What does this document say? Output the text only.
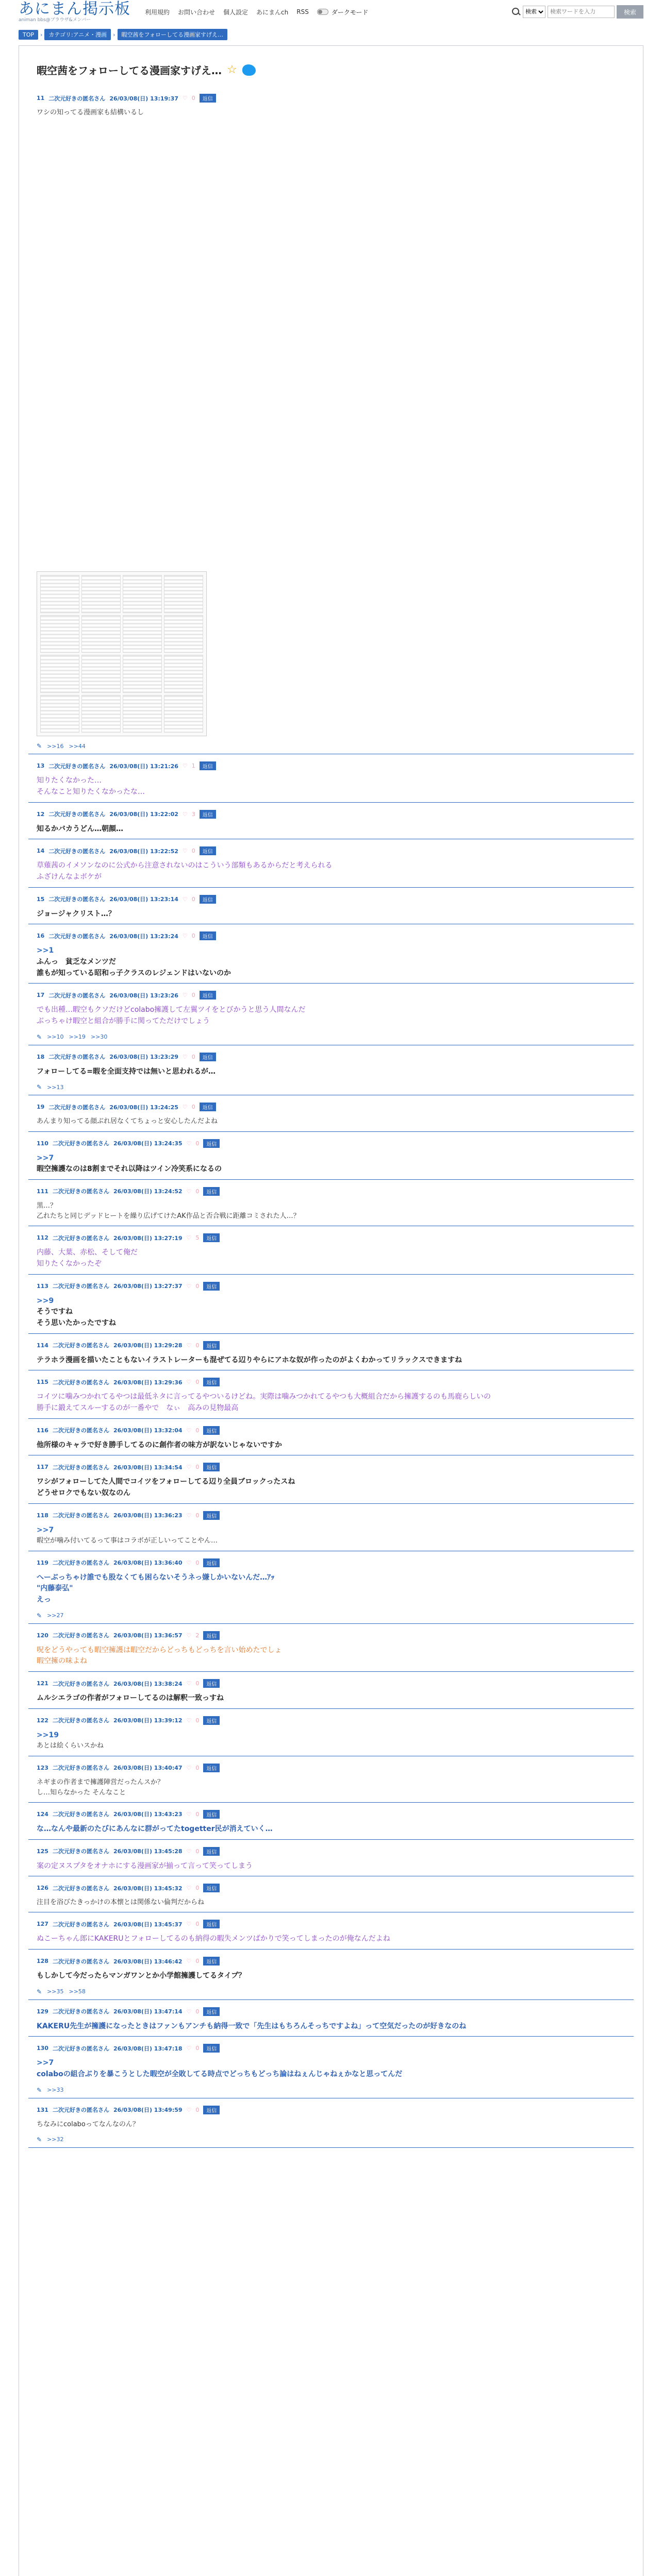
あにまん掲示板
animan bbs@ブラウザ&メンバー
利用規約 お問い合わせ 個人設定 あにまんch RSS	ダークモード
検索
検索ワードを入力	検索
TOP	›	カテゴリ:アニメ・漫画	›	暇空茜をフォローしてる漫画家すげえ…
暇空茜をフォローしてる漫画家すげえ… ☆
11 二次元好きの匿名さん 26/03/08(日) 13:19:37 ♡ 0	返信
ワシの知ってる漫画家も結構いるし
✎ >>16 >>44
13 二次元好きの匿名さん 26/03/08(日) 13:21:26 ♡ 1	返信
知りたくなかった…
そんなこと知りたくなかったな…
12 二次元好きの匿名さん 26/03/08(日) 13:22:02 ♡ 3	返信
知るかバカうどん…朝顔…
14 二次元好きの匿名さん 26/03/08(日) 13:22:52 ♡ 0	返信
草薙茜のイメソンなのに公式から注意されないのはこういう部類もあるからだと考えられる
ふざけんなよボケが
15 二次元好きの匿名さん 26/03/08(日) 13:23:14 ♡ 0	返信
ジョージャクリスト…？
16 二次元好きの匿名さん 26/03/08(日) 13:23:24 ♡ 0	返信
>>1
ふんっ　貧乏なメンツだ
誰もが知っている昭和っ子クラスのレジェンドはいないのか
17 二次元好きの匿名さん 26/03/08(日) 13:23:26 ♡ 0	返信
でも出種…暇空もクソだけどcolabo擁護して左翼ツイをとびかうと思う人間なんだ
ぶっちゃけ暇空と組合が勝手に関ってただけでしょう
✎ >>10 >>19 >>30
18 二次元好きの匿名さん 26/03/08(日) 13:23:29 ♡ 0	返信
フォローしてる=暇を全面支持では無いと思われるが…
✎ >>13
19 二次元好きの匿名さん 26/03/08(日) 13:24:25 ♡ 0	返信
あんまり知ってる顔ぶれ居なくてちょっと安心したんだよね
110 二次元好きの匿名さん 26/03/08(日) 13:24:35 ♡ 0	返信
>>7
暇空擁護なのは8割までそれ以降はツイン冷笑系になるの
111 二次元好きの匿名さん 26/03/08(日) 13:24:52 ♡ 0	返信
黒…？
乙れたちと同じデッドヒートを繰り広げてけたAK作品と否合戦に距離コミされた人…？
112 二次元好きの匿名さん 26/03/08(日) 13:27:19 ♡ 5	返信
内藤、大葉、赤松、そして俺だ
知りたくなかったぞ
113 二次元好きの匿名さん 26/03/08(日) 13:27:37 ♡ 0	返信
>>9
そうですね
そう思いたかったですね
114 二次元好きの匿名さん 26/03/08(日) 13:29:28 ♡ 0	返信
テラホラ漫画を描いたこともないイラストレーターも混ぜてる辺りやらにアホな奴が作ったのがよくわかってリラックスできますね
115 二次元好きの匿名さん 26/03/08(日) 13:29:36 ♡ 0	返信
コイツに噛みつかれてるやつは最低ネタに言ってるやついるけどね。実際は噛みつかれてるやつも大概組合だから擁護するのも馬鹿らしいの
勝手に鍛えてスルーするのが一番やで　なぃ　高みの見物最高
116 二次元好きの匿名さん 26/03/08(日) 13:32:04 ♡ 0	返信
他所様のキャラで好き勝手してるのに創作者の味方が訳ないじゃないですか
117 二次元好きの匿名さん 26/03/08(日) 13:34:54 ♡ 0	返信
ワシがフォローしてた人間でコイツをフォローしてる辺り全員ブロックったスね
どうせロクでもない奴なのん
118 二次元好きの匿名さん 26/03/08(日) 13:36:23 ♡ 0	返信
>>7
暇空が噛み付いてるって事はコラボが正しいってことやん…
119 二次元好きの匿名さん 26/03/08(日) 13:36:40 ♡ 0	返信
へーぶっちゃけ誰でも股なくても困らないそうネっ嫌しかいないんだ…ｱｯ
"内藤泰弘"
えっ
✎ >>27
120 二次元好きの匿名さん 26/03/08(日) 13:36:57 ♡ 2	返信
呪をどうやっても暇空擁護は暇空だからどっちもどっちを言い始めたでしょ
暇空擁の味よね
121 二次元好きの匿名さん 26/03/08(日) 13:38:24 ♡ 0	返信
ムルシエラゴの作者がフォローしてるのは解釈一致っすね
122 二次元好きの匿名さん 26/03/08(日) 13:39:12 ♡ 0	返信
>>19
あとは絵くらいスかね
123 二次元好きの匿名さん 26/03/08(日) 13:40:47 ♡ 0	返信
ネギまの作者まで擁護陣営だったんスか？
し…知らなかった そんなこと
124 二次元好きの匿名さん 26/03/08(日) 13:43:23 ♡ 0	返信
な…なんや最新のたびにあんなに群がってたtogetter民が消えていく…
125 二次元好きの匿名さん 26/03/08(日) 13:45:28 ♡ 0	返信
案の定ヌスプタをオナホにする漫画家が揃って言って笑ってしまう
126 二次元好きの匿名さん 26/03/08(日) 13:45:32 ♡ 0	返信
注目を浴びたきっかけの本懐とは関係ない倫判だからね
127 二次元好きの匿名さん 26/03/08(日) 13:45:37 ♡ 0	返信
ぬこーちゃん郎にKAKERUとフォローしてるのも納得の暇失メンツばかりで笑ってしまったのが俺なんだよね
128 二次元好きの匿名さん 26/03/08(日) 13:46:42 ♡ 0	返信
もしかして今だったらマンガワンとか小学館擁護してるタイプ？
✎ >>35 >>58
129 二次元好きの匿名さん 26/03/08(日) 13:47:14 ♡ 0	返信
KAKERU先生が擁護になったときはファンもアンチも納得一致で「先生はもちろんそっちですよね」って空気だったのが好きなのね
130 二次元好きの匿名さん 26/03/08(日) 13:47:18 ♡ 0	返信
>>7
colaboの組合ぶりを暴こうとした暇空が全敗してる時点でどっちもどっち論はねぇんじゃねぇかなと思ってんだ
✎ >>33
131 二次元好きの匿名さん 26/03/08(日) 13:49:59 ♡ 0	返信
ちなみにcolaboってなんなのん？
✎ >>32
